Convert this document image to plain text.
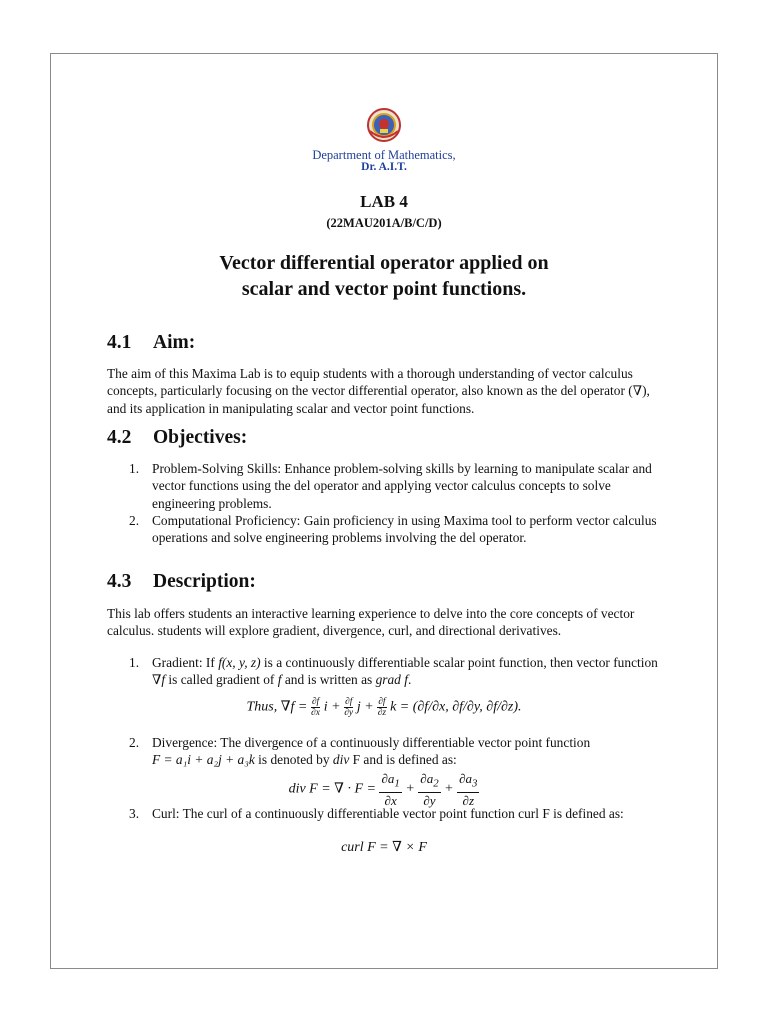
Department of Mathematics,
Dr. A.I.T.
LAB 4
(22MAU201A/B/C/D)
Vector differential operator applied on
scalar and vector point functions.
4.1 Aim:

The aim of this Maxima Lab is to equip students with a thorough understanding of vector calculus concepts, particularly focusing on the vector differential operator, also known as the del operator (∇), and its application in manipulating scalar and vector point functions.

4.2 Objectives:
1. Problem-Solving Skills: Enhance problem-solving skills by learning to manipulate scalar and vector functions using the del operator and applying vector calculus concepts to solve engineering problems.
2. Computational Proficiency: Gain proficiency in using Maxima tool to perform vector calculus operations and solve engineering problems involving the del operator.
4.3 Description:

This lab offers students an interactive learning experience to delve into the core concepts of vector calculus. students will explore gradient, divergence, curl, and directional derivatives.

1. Gradient: If f(x, y, z) is a continuously differentiable scalar point function, then vector function ∇f is called gradient of f and is written as grad f.
Thus, $\nabla f = \frac{\partial f}{\partial x}$ $i + \frac{\partial f}{\partial y}$ $j + \frac{\partial f}{\partial z}$ k = (∂f/∂x, ∂f/∂y, ∂f/∂z).
2. Divergence: The divergence of a continuously differentiable vector point function
F = a₁i + a₂j + a₃k is denoted by div F and is defined as:
div F = ∇ · $F = \frac{\partial a_1}{\partial x} + \frac{\partial a_2}{\partial y} + \frac{\partial a_3}{\partial z}$
3. Curl: The curl of a continuously differentiable vector point function curl F is defined as:
curl F = ∇ × F
